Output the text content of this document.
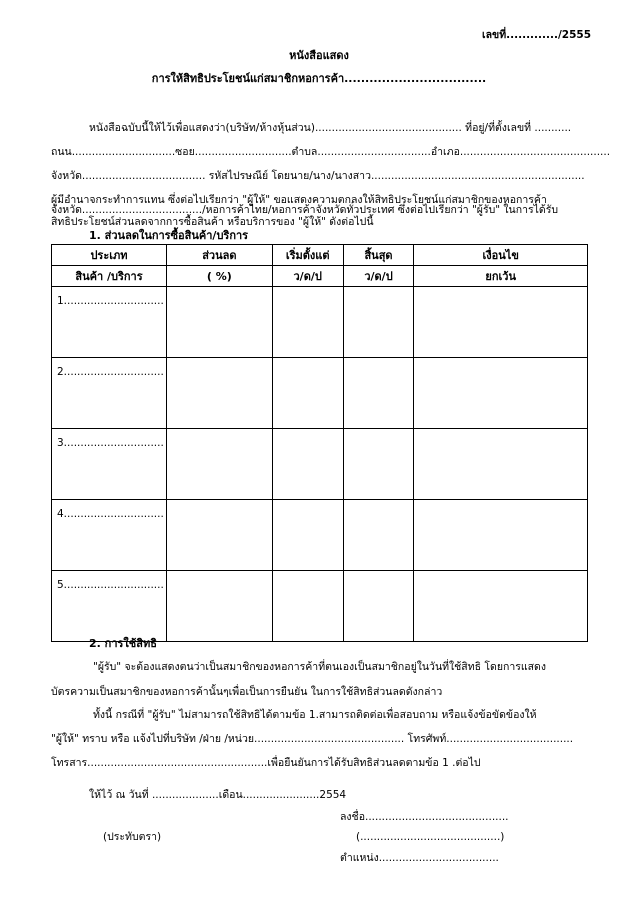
เลขที่............./2555
หนังสือแสดง
การให้สิทธิประโยชน์แก่สมาชิกหอการค้า..................................
หนังสือฉบับนี้ให้ไว้เพื่อแสดงว่า(บริษัท/ห้างหุ้นส่วน)............................................ ที่อยู่/ที่ตั้งเลขที่ ...........
ถนน...............................ซอย.............................ตำบล..................................อำเภอ.............................................
จังหวัด..................................... รหัสไปรษณีย์ โดยนาย/นาง/นางสาว................................................................
ผู้มีอำนาจกระทำการแทน ซึ่งต่อไปเรียกว่า "ผู้ให้" ขอแสดงความตกลงให้สิทธิประโยชน์แก่สมาชิกของหอการค้า
จังหวัด..................................../หอการค้าไทย/หอการค้าจังหวัดทั่วประเทศ ซึ่งต่อไปเรียกว่า "ผู้รับ" ในการได้รับ
สิทธิประโยชน์ส่วนลดจากการซื้อสินค้า หรือบริการของ "ผู้ให้" ดังต่อไปนี้
1. ส่วนลดในการซื้อสินค้า/บริการ
ประเภท	ส่วนลด	เริ่มตั้งแต่	สิ้นสุด	เงื่อนไข
สินค้า /บริการ	( %)	ว/ด/ป	ว/ด/ป	ยกเว้น
1..............................				
2..............................				
3..............................				
4..............................				
5..............................				
2. การใช้สิทธิ
"ผู้รับ" จะต้องแสดงตนว่าเป็นสมาชิกของหอการค้าที่ตนเองเป็นสมาชิกอยู่ในวันที่ใช้สิทธิ โดยการแสดง
บัตรความเป็นสมาชิกของหอการค้านั้นๆเพื่อเป็นการยืนยัน ในการใช้สิทธิส่วนลดดังกล่าว
ทั้งนี้ กรณีที่ "ผู้รับ" ไม่สามารถใช้สิทธิได้ตามข้อ 1.สามารถติดต่อเพื่อสอบถาม หรือแจ้งข้อขัดข้องให้
"ผู้ให้" ทราบ หรือ แจ้งไปที่บริษัท /ฝ่าย /หน่วย............................................. โทรศัพท์......................................
โทรสาร......................................................เพื่อยืนยันการได้รับสิทธิส่วนลดตามข้อ 1 .ต่อไป
ให้ไว้ ณ วันที่ ....................เดือน.......................2554
ลงชื่อ...........................................
(ประทับตรา)	(..........................................)
ตำแหน่ง....................................
